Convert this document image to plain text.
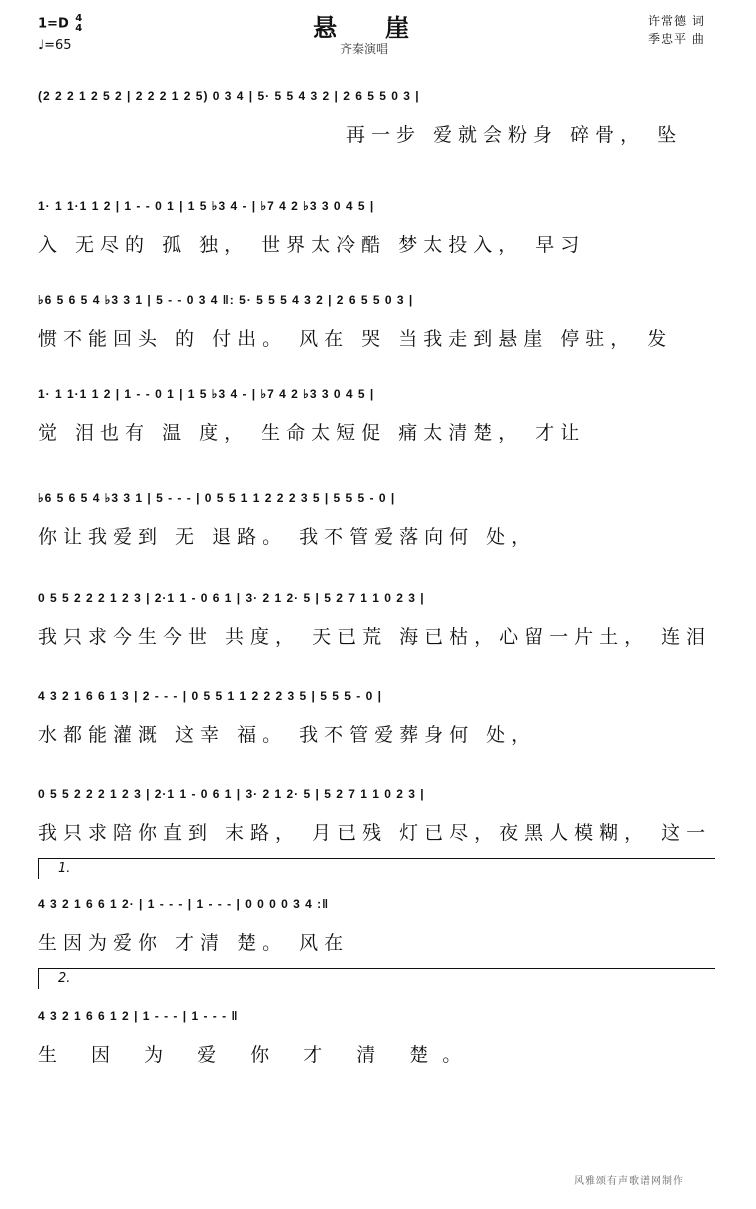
1=D 4
4
♩=65
悬崖
齐秦演唱
许常德 词
季忠平 曲
(2 2 2 1 2 5 2 | 2 2 2 1 2 5) 0 3 4 | 5· 5 5 4 3 2 | 2 6 5 5 0 3 |
再一步 爱就会粉身 碎骨， 坠
1· 1 1·1 1 2 | 1 - - 0 1 | 1 5 ♭3 4 - | ♭7 4 2 ♭3 3 0 4 5 |
入 无尽的 孤 独， 世界太冷酷 梦太投入， 早习
♭6 5 6 5 4 ♭3 3 1 | 5 - - 0 3 4 ‖: 5· 5 5 5 4 3 2 | 2 6 5 5 0 3 |
惯不能回头 的 付出。 风在 哭 当我走到悬崖 停驻， 发
1· 1 1·1 1 2 | 1 - - 0 1 | 1 5 ♭3 4 - | ♭7 4 2 ♭3 3 0 4 5 |
觉 泪也有 温 度， 生命太短促 痛太清楚， 才让
♭6 5 6 5 4 ♭3 3 1 | 5 - - - | 0 5 5 1 1 2 2 2 3 5 | 5 5 5 - 0 |
你让我爱到 无 退路。 我不管爱落向何 处，
0 5 5 2 2 2 1 2 3 | 2·1 1 - 0 6 1 | 3· 2 1 2· 5 | 5 2 7 1 1 0 2 3 |
我只求今生今世 共度， 天已荒 海已枯，心留一片土， 连泪
4 3 2 1 6 6 1 3 | 2 - - - | 0 5 5 1 1 2 2 2 3 5 | 5 5 5 - 0 |
水都能灌溉 这幸 福。 我不管爱葬身何 处，
0 5 5 2 2 2 1 2 3 | 2·1 1 - 0 6 1 | 3· 2 1 2· 5 | 5 2 7 1 1 0 2 3 |
我只求陪你直到 末路， 月已残 灯已尽，夜黑人模糊， 这一
1.
4 3 2 1 6 6 1 2· | 1 - - - | 1 - - - | 0 0 0 0 3 4 :‖
生因为爱你 才清 楚。 风在
2.
4 3 2 1 6 6 1 2 | 1 - - - | 1 - - - ‖
生 因 为 爱 你 才 清 楚。
风雅颂有声歌谱网制作
